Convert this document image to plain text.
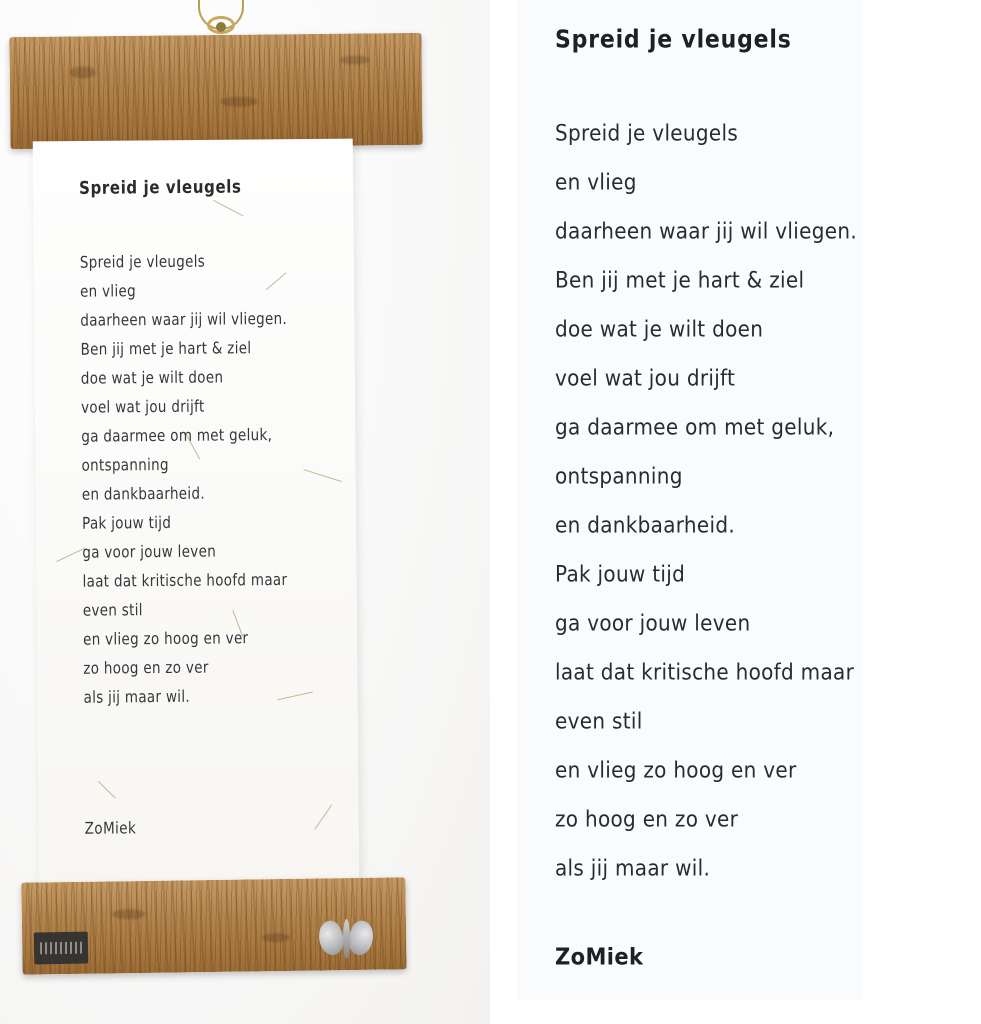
Spreid je vleugels
Spreid je vleugels
en vlieg
daarheen waar jij wil vliegen.
Ben jij met je hart & ziel
doe wat je wilt doen
voel wat jou drijft
ga daarmee om met geluk,
ontspanning
en dankbaarheid.
Pak jouw tijd
ga voor jouw leven
laat dat kritische hoofd maar
even stil
en vlieg zo hoog en ver
zo hoog en zo ver
als jij maar wil.
ZoMiek
Spreid je vleugels
Spreid je vleugels
en vlieg
daarheen waar jij wil vliegen.
Ben jij met je hart & ziel
doe wat je wilt doen
voel wat jou drijft
ga daarmee om met geluk,
ontspanning
en dankbaarheid.
Pak jouw tijd
ga voor jouw leven
laat dat kritische hoofd maar
even stil
en vlieg zo hoog en ver
zo hoog en zo ver
als jij maar wil.
ZoMiek
